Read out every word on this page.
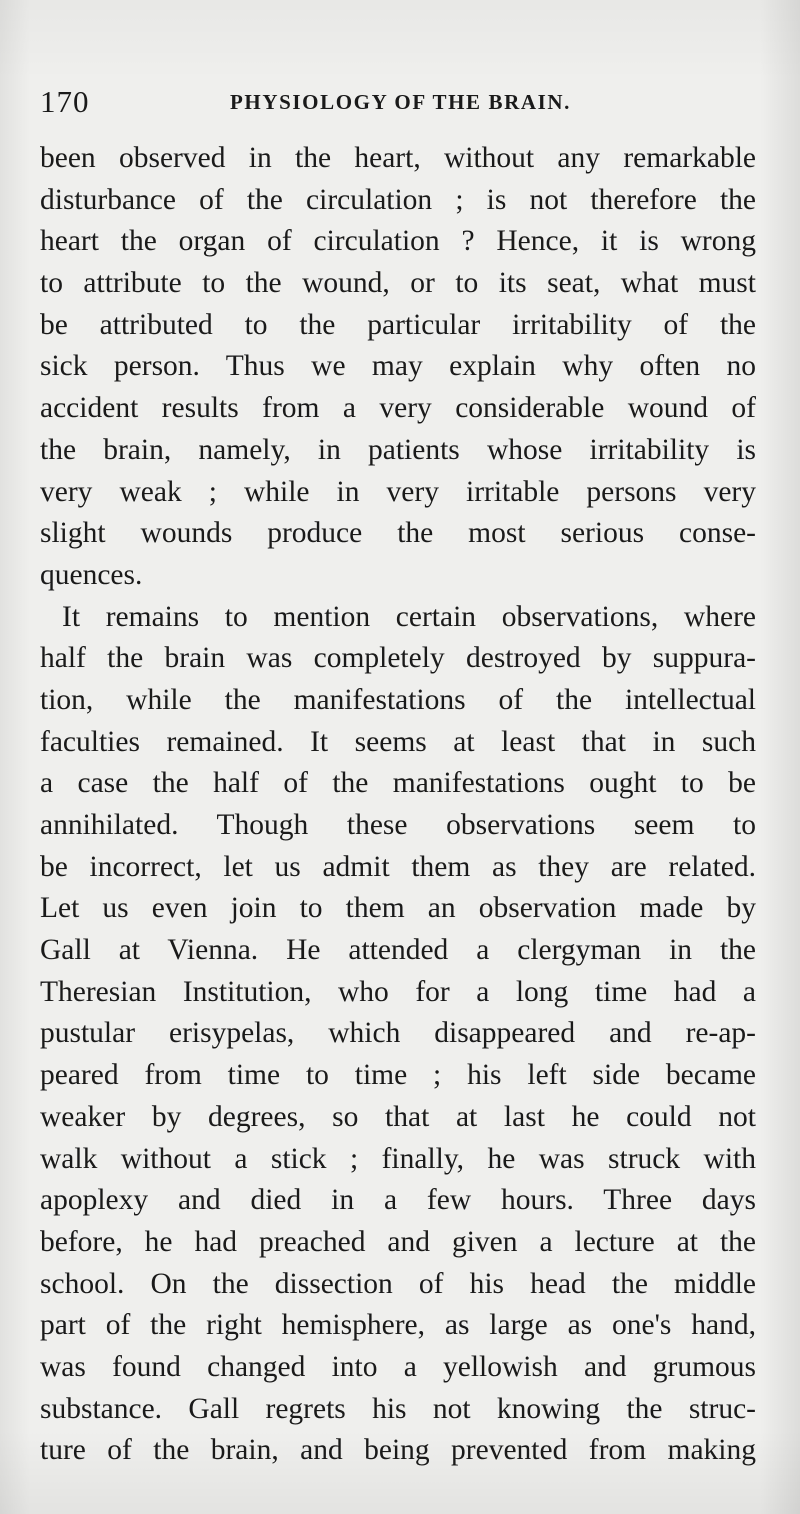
170	PHYSIOLOGY OF THE BRAIN.
been observed in the heart, without any remarkable
disturbance of the circulation ; is not therefore the
heart the organ of circulation ? Hence, it is wrong
to attribute to the wound, or to its seat, what must
be attributed to the particular irritability of the
sick person. Thus we may explain why often no
accident results from a very considerable wound of
the brain, namely, in patients whose irritability is
very weak ; while in very irritable persons very
slight wounds produce the most serious conse-
quences.
It remains to mention certain observations, where
half the brain was completely destroyed by suppura-
tion, while the manifestations of the intellectual
faculties remained. It seems at least that in such
a case the half of the manifestations ought to be
annihilated. Though these observations seem to
be incorrect, let us admit them as they are related.
Let us even join to them an observation made by
Gall at Vienna. He attended a clergyman in the
Theresian Institution, who for a long time had a
pustular erisypelas, which disappeared and re-ap-
peared from time to time ; his left side became
weaker by degrees, so that at last he could not
walk without a stick ; finally, he was struck with
apoplexy and died in a few hours. Three days
before, he had preached and given a lecture at the
school. On the dissection of his head the middle
part of the right hemisphere, as large as one's hand,
was found changed into a yellowish and grumous
substance. Gall regrets his not knowing the struc-
ture of the brain, and being prevented from making
